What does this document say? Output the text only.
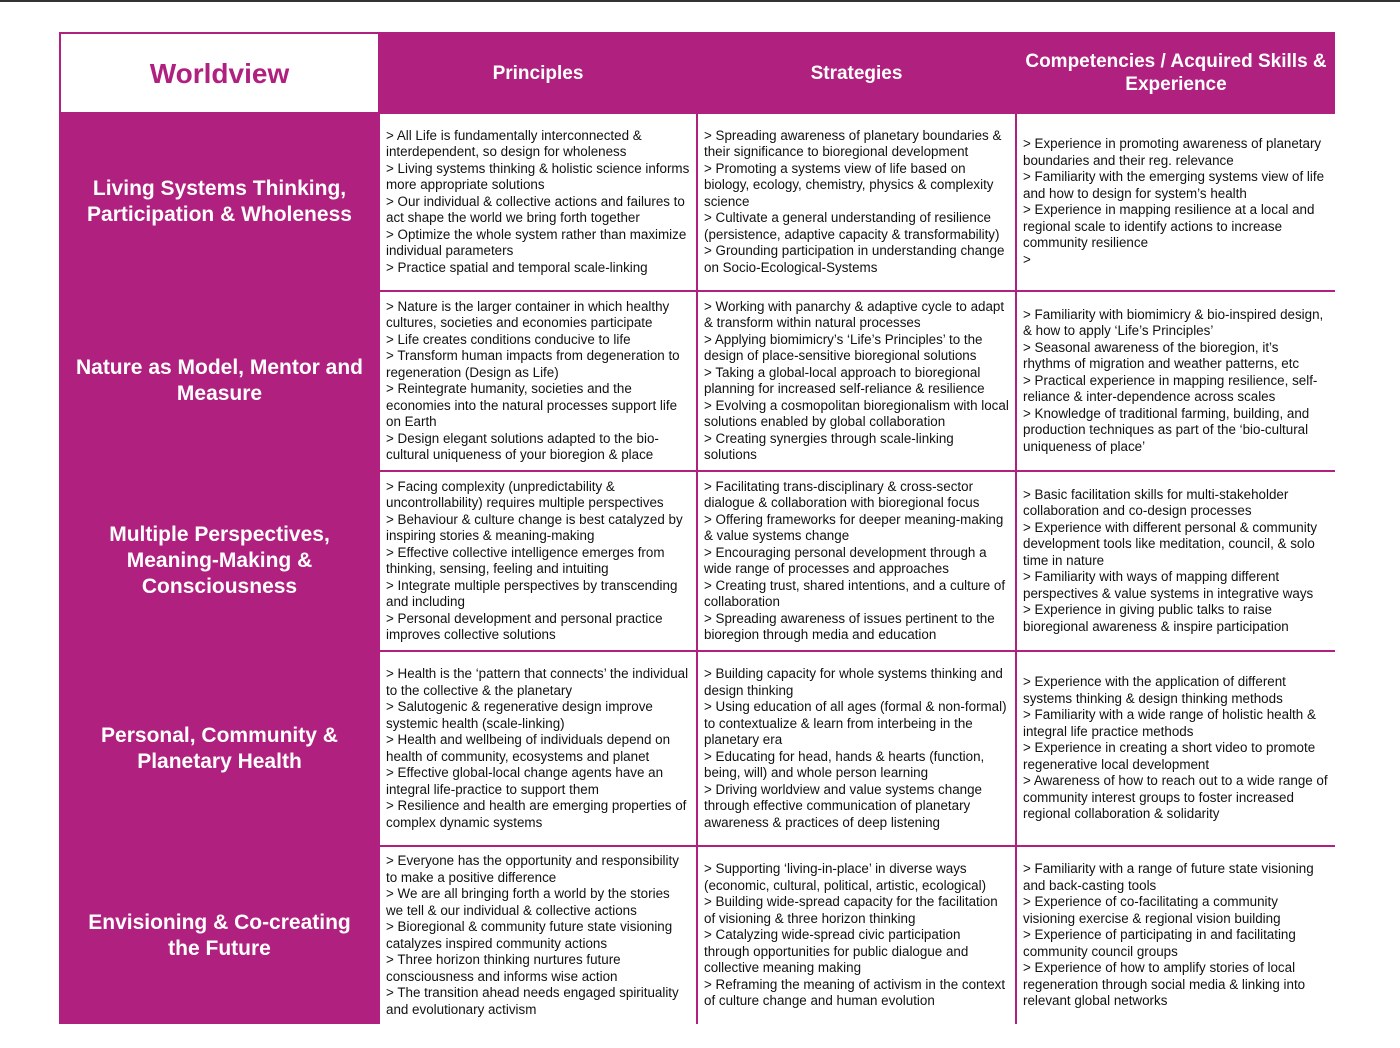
Worldview	Principles	Strategies
Competencies / Acquired Skills & Experience
Living Systems Thinking, Participation & Wholeness
> All Life is fundamentally interconnected & interdependent, so design for wholeness
> Living systems thinking & holistic science informs more appropriate solutions
> Our individual & collective actions and failures to act shape the world we bring forth together
> Optimize the whole system rather than maximize individual parameters
> Practice spatial and temporal scale-linking
> Spreading awareness of planetary boundaries & their significance to bioregional development
> Promoting a systems view of life based on biology, ecology, chemistry, physics & complexity science
> Cultivate a general understanding of resilience (persistence, adaptive capacity & transformability)
> Grounding participation in understanding change on Socio-Ecological-Systems
> Experience in promoting awareness of planetary boundaries and their reg. relevance
> Familiarity with the emerging systems view of life and how to design for system’s health
> Experience in mapping resilience at a local and regional scale to identify actions to increase community resilience
>
Nature as Model, Mentor and Measure
> Nature is the larger container in which healthy cultures, societies and economies participate
> Life creates conditions conducive to life
> Transform human impacts from degeneration to regeneration (Design as Life)
> Reintegrate humanity, societies and the economies into the natural processes support life on Earth
> Design elegant solutions adapted to the bio-cultural uniqueness of your bioregion & place
> Working with panarchy & adaptive cycle to adapt & transform within natural processes
> Applying biomimicry’s ‘Life’s Principles’ to the design of place-sensitive bioregional solutions
> Taking a global-local approach to bioregional planning for increased self-reliance & resilience
> Evolving a cosmopolitan bioregionalism with local solutions enabled by global collaboration
> Creating synergies through scale-linking solutions
> Familiarity with biomimicry & bio-inspired design, & how to apply ‘Life’s Principles’
> Seasonal awareness of the bioregion, it’s rhythms of migration and weather patterns, etc
> Practical experience in mapping resilience, self-reliance & inter-dependence across scales
> Knowledge of traditional farming, building, and production techniques as part of the ‘bio-cultural uniqueness of place’
Multiple Perspectives, Meaning-Making & Consciousness
> Facing complexity (unpredictability & uncontrollability) requires multiple perspectives
> Behaviour & culture change is best catalyzed by inspiring stories & meaning-making
> Effective collective intelligence emerges from thinking, sensing, feeling and intuiting
> Integrate multiple perspectives by transcending and including
> Personal development and personal practice improves collective solutions
> Facilitating trans-disciplinary & cross-sector dialogue & collaboration with bioregional focus
> Offering frameworks for deeper meaning-making & value systems change
> Encouraging personal development through a wide range of processes and approaches
> Creating trust, shared intentions, and a culture of collaboration
> Spreading awareness of issues pertinent to the bioregion through media and education
> Basic facilitation skills for multi-stakeholder collaboration and co-design processes
> Experience with different personal & community development tools like meditation, council, & solo time in nature
> Familiarity with ways of mapping different perspectives & value systems in integrative ways
> Experience in giving public talks to raise bioregional awareness & inspire participation
Personal, Community & Planetary Health
> Health is the ‘pattern that connects’ the individual to the collective & the planetary
> Salutogenic & regenerative design improve systemic health (scale-linking)
> Health and wellbeing of individuals depend on health of community, ecosystems and planet
> Effective global-local change agents have an integral life-practice to support them
> Resilience and health are emerging properties of complex dynamic systems
> Building capacity for whole systems thinking and design thinking
> Using education of all ages (formal & non-formal) to contextualize & learn from interbeing in the planetary era
> Educating for head, hands & hearts (function, being, will) and whole person learning
> Driving worldview and value systems change through effective communication of planetary awareness & practices of deep listening
> Experience with the application of different systems thinking & design thinking methods
> Familiarity with a wide range of holistic health & integral life practice methods
> Experience in creating a short video to promote regenerative local development
> Awareness of how to reach out to a wide range of community interest groups to foster increased regional collaboration & solidarity
Envisioning & Co-creating the Future
> Everyone has the opportunity and responsibility to make a positive difference
> We are all bringing forth a world by the stories we tell & our individual & collective actions
> Bioregional & community future state visioning catalyzes inspired community actions
> Three horizon thinking nurtures future consciousness and informs wise action
> The transition ahead needs engaged spirituality and evolutionary activism
> Supporting ‘living-in-place’ in diverse ways (economic, cultural, political, artistic, ecological)
> Building wide-spread capacity for the facilitation of visioning & three horizon thinking
> Catalyzing wide-spread civic participation through opportunities for public dialogue and collective meaning making
> Reframing the meaning of activism in the context of culture change and human evolution
> Familiarity with a range of future state visioning and back-casting tools
> Experience of co-facilitating a community visioning exercise & regional vision building
> Experience of participating in and facilitating community council groups
> Experience of how to amplify stories of local regeneration through social media & linking into relevant global networks
